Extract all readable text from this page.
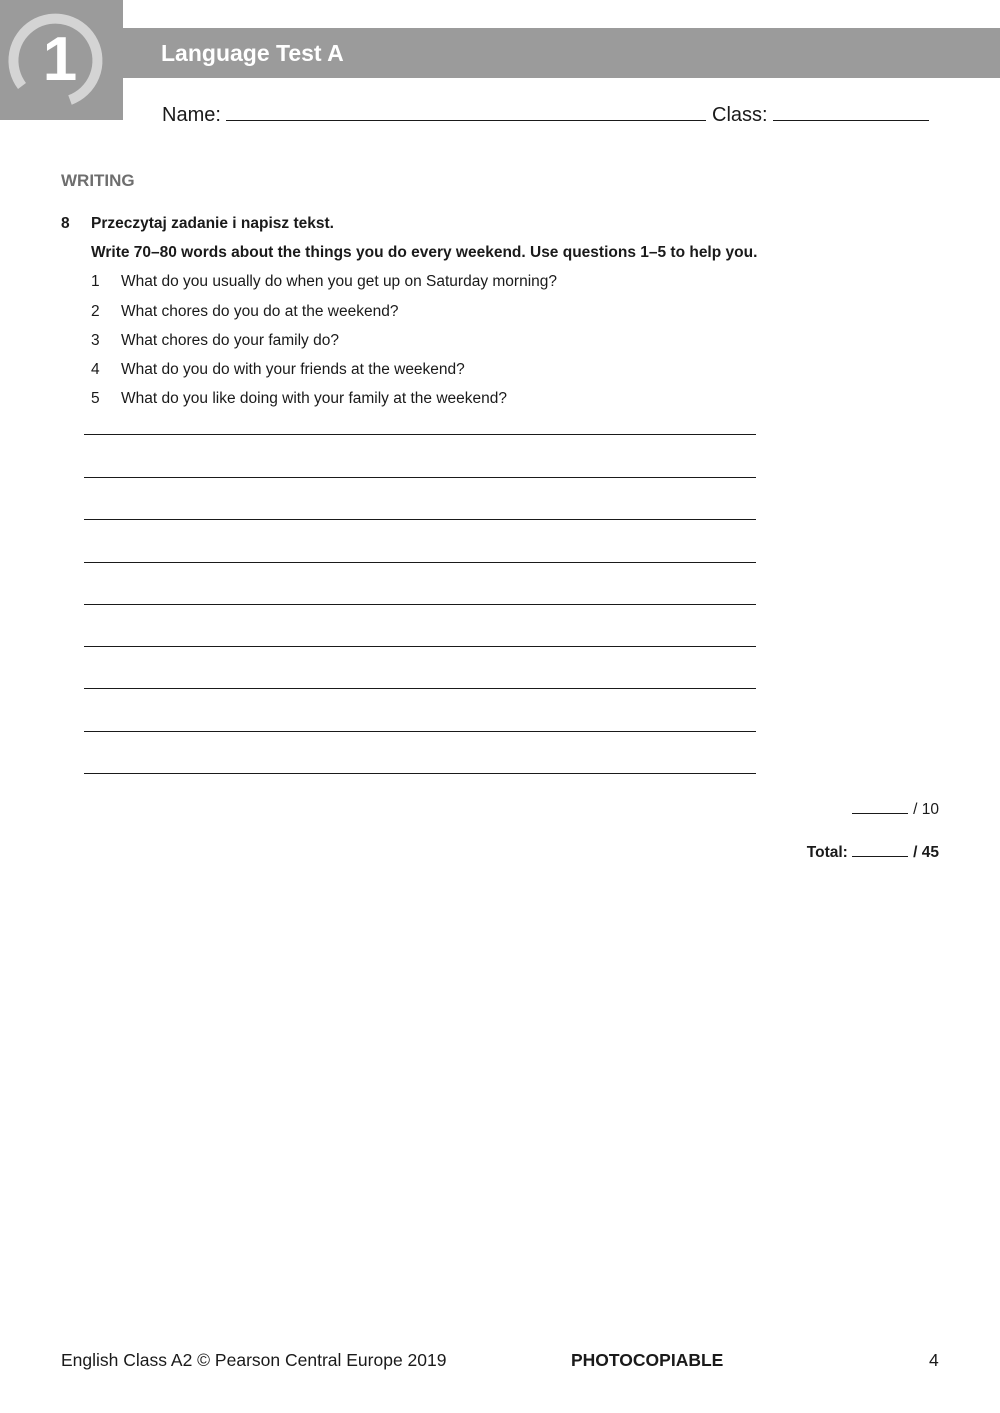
1	Language Test A
Name:	Class:
WRITING
8 Przeczytaj zadanie i napisz tekst.
Write 70–80 words about the things you do every weekend. Use questions 1–5 to help you.
1 What do you usually do when you get up on Saturday morning?
2 What chores do you do at the weekend?
3 What chores do your family do?
4 What do you do with your friends at the weekend?
5 What do you like doing with your family at the weekend?
/ 10
Total:	/ 45
English Class A2 © Pearson Central Europe 2019	PHOTOCOPIABLE	4
